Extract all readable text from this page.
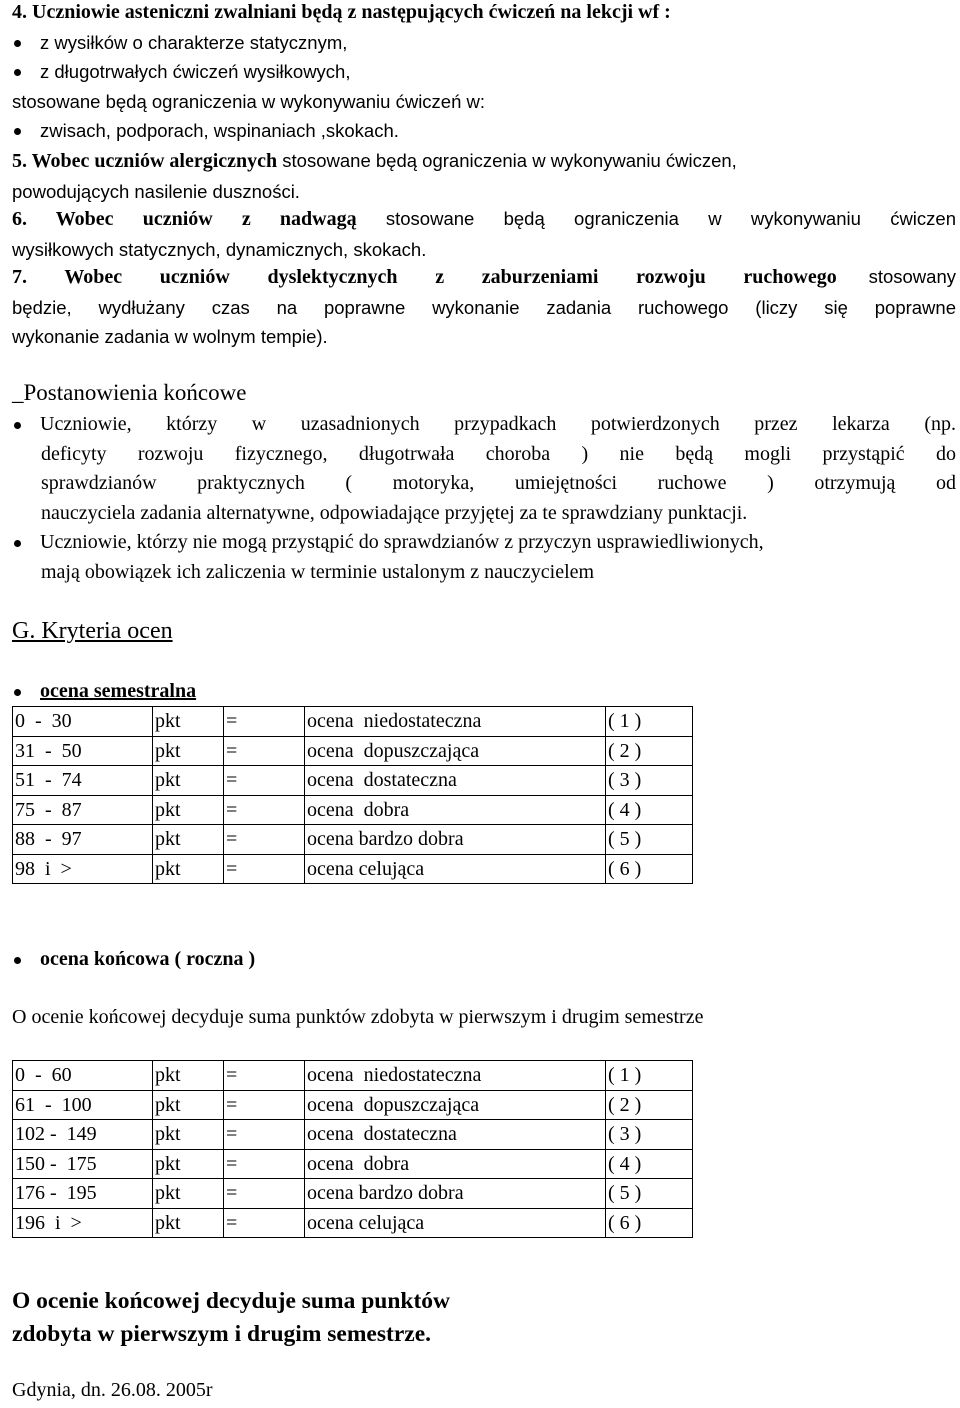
4. Uczniowie asteniczni zwalniani będą z następujących ćwiczeń na lekcji wf :
z wysiłków o charakterze statycznym,
z długotrwałych ćwiczeń wysiłkowych,
stosowane będą ograniczenia w wykonywaniu ćwiczeń w:
zwisach, podporach, wspinaniach ,skokach.
5. Wobec uczniów alergicznych stosowane będą ograniczenia w wykonywaniu ćwiczen,
powodujących nasilenie duszności.
6. Wobec uczniów z nadwagą stosowane będą ograniczenia w wykonywaniu ćwiczen
wysiłkowych statycznych, dynamicznych, skokach.
7. Wobec uczniów dyslektycznych z zaburzeniami rozwoju ruchowego stosowany
będzie, wydłużany czas na poprawne wykonanie zadania ruchowego (liczy się poprawne
wykonanie zadania w wolnym tempie).
_Postanowienia końcowe
Uczniowie, którzy w uzasadnionych przypadkach potwierdzonych przez lekarza (np.
deficyty rozwoju fizycznego, długotrwała choroba ) nie będą mogli przystąpić do
sprawdzianów praktycznych ( motoryka, umiejętności ruchowe ) otrzymują od
nauczyciela zadania alternatywne, odpowiadające przyjętej za te sprawdziany punktacji.
Uczniowie, którzy nie mogą przystąpić do sprawdzianów z przyczyn usprawiedliwionych,
mają obowiązek ich zaliczenia w terminie ustalonym z nauczycielem
G. Kryteria ocen
ocena semestralna
0  -  30	pkt	=	ocena  niedostateczna	( 1 )
31  -  50	pkt	=	ocena  dopuszczająca	( 2 )
51  -  74	pkt	=	ocena  dostateczna	( 3 )
75  -  87	pkt	=	ocena  dobra	( 4 )
88  -  97	pkt	=	ocena bardzo dobra	( 5 )
98  i  >	pkt	=	ocena celująca	( 6 )
ocena końcowa ( roczna )
O ocenie końcowej decyduje suma punktów zdobyta w pierwszym i drugim semestrze
0  -  60	pkt	=	ocena  niedostateczna	( 1 )
61  -  100	pkt	=	ocena  dopuszczająca	( 2 )
102 -  149	pkt	=	ocena  dostateczna	( 3 )
150 -  175	pkt	=	ocena  dobra	( 4 )
176 -  195	pkt	=	ocena bardzo dobra	( 5 )
196  i  >	pkt	=	ocena celująca	( 6 )
O ocenie końcowej decyduje suma punktów
zdobyta w pierwszym i drugim semestrze.
Gdynia, dn. 26.08. 2005r
